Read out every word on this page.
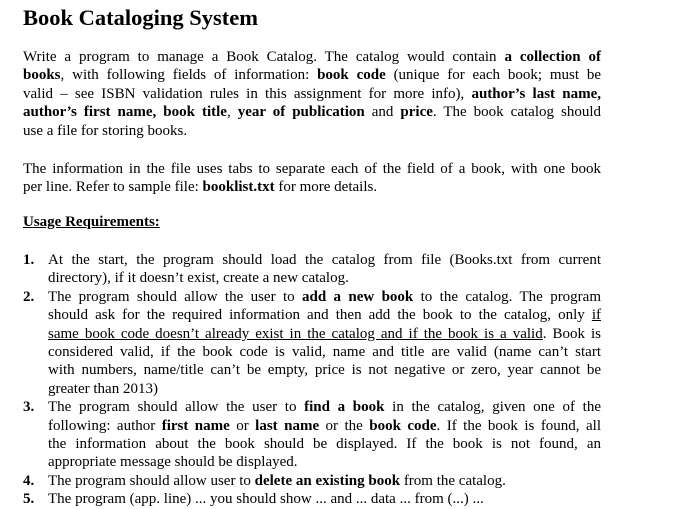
Book Cataloging System
Write a program to manage a Book Catalog. The catalog would contain a collection of
books, with following fields of information: book code (unique for each book; must be
valid – see ISBN validation rules in this assignment for more info), author’s last name,
author’s first name, book title, year of publication and price. The book catalog should
use a file for storing books.
The information in the file uses tabs to separate each of the field of a book, with one book
per line. Refer to sample file: booklist.txt for more details.
Usage Requirements:
1. At the start, the program should load the catalog from file (Books.txt from current
directory), if it doesn’t exist, create a new catalog.
2. The program should allow the user to add a new book to the catalog. The program
should ask for the required information and then add the book to the catalog, only if
same book code doesn’t already exist in the catalog and if the book is a valid. Book is
considered valid, if the book code is valid, name and title are valid (name can’t start
with numbers, name/title can’t be empty, price is not negative or zero, year cannot be
greater than 2013)
3. The program should allow the user to find a book in the catalog, given one of the
following: author first name or last name or the book code. If the book is found, all
the information about the book should be displayed. If the book is not found, an
appropriate message should be displayed.
4. The program should allow user to delete an existing book from the catalog.
5. The program (app. line) ... you should show ... and ... data ... from (...) ...
